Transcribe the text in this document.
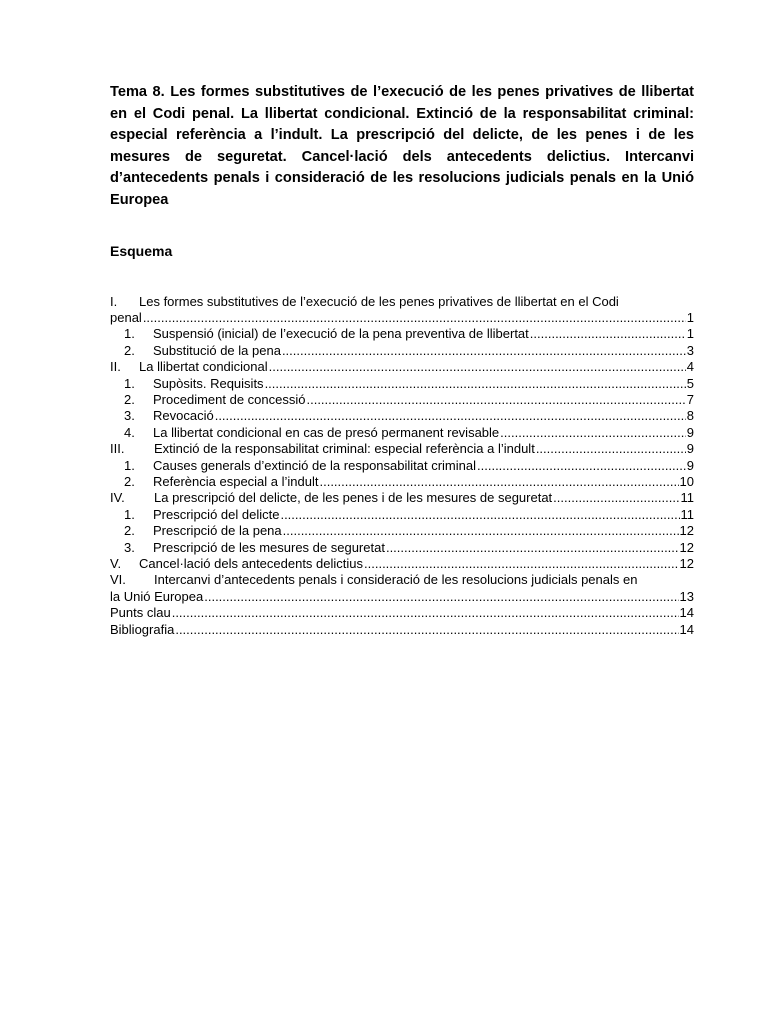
Tema 8. Les formes substitutives de l’execució de les penes privatives de llibertat en el Codi penal. La llibertat condicional. Extinció de la responsabilitat criminal: especial referència a l’indult. La prescripció del delicte, de les penes i de les mesures de seguretat. Cancel·lació dels antecedents delictius. Intercanvi d’antecedents penals i consideració de les resolucions judicials penals en la Unió Europea

Esquema
I. Les formes substitutives de l’execució de les penes privatives de llibertat en el Codi
penal .....	1
1. Suspensió (inicial) de l’execució de la pena preventiva de llibertat .....	1
2. Substitució de la pena .....	3
II. La llibertat condicional .....	4
1. Supòsits. Requisits .....	5
2. Procediment de concessió .....	7
3. Revocació .....	8
4. La llibertat condicional en cas de presó permanent revisable .....	9
III. Extinció de la responsabilitat criminal: especial referència a l’indult .....	9
1. Causes generals d’extinció de la responsabilitat criminal .....	9
2. Referència especial a l’indult .....	10
IV. La prescripció del delicte, de les penes i de les mesures de seguretat .....	11
1. Prescripció del delicte .....	11
2. Prescripció de la pena .....	12
3. Prescripció de les mesures de seguretat .....	12
V. Cancel·lació dels antecedents delictius .....	12
VI. Intercanvi d’antecedents penals i consideració de les resolucions judicials penals en
la Unió Europea .....	13
Punts clau .....	14
Bibliografia .....	14
